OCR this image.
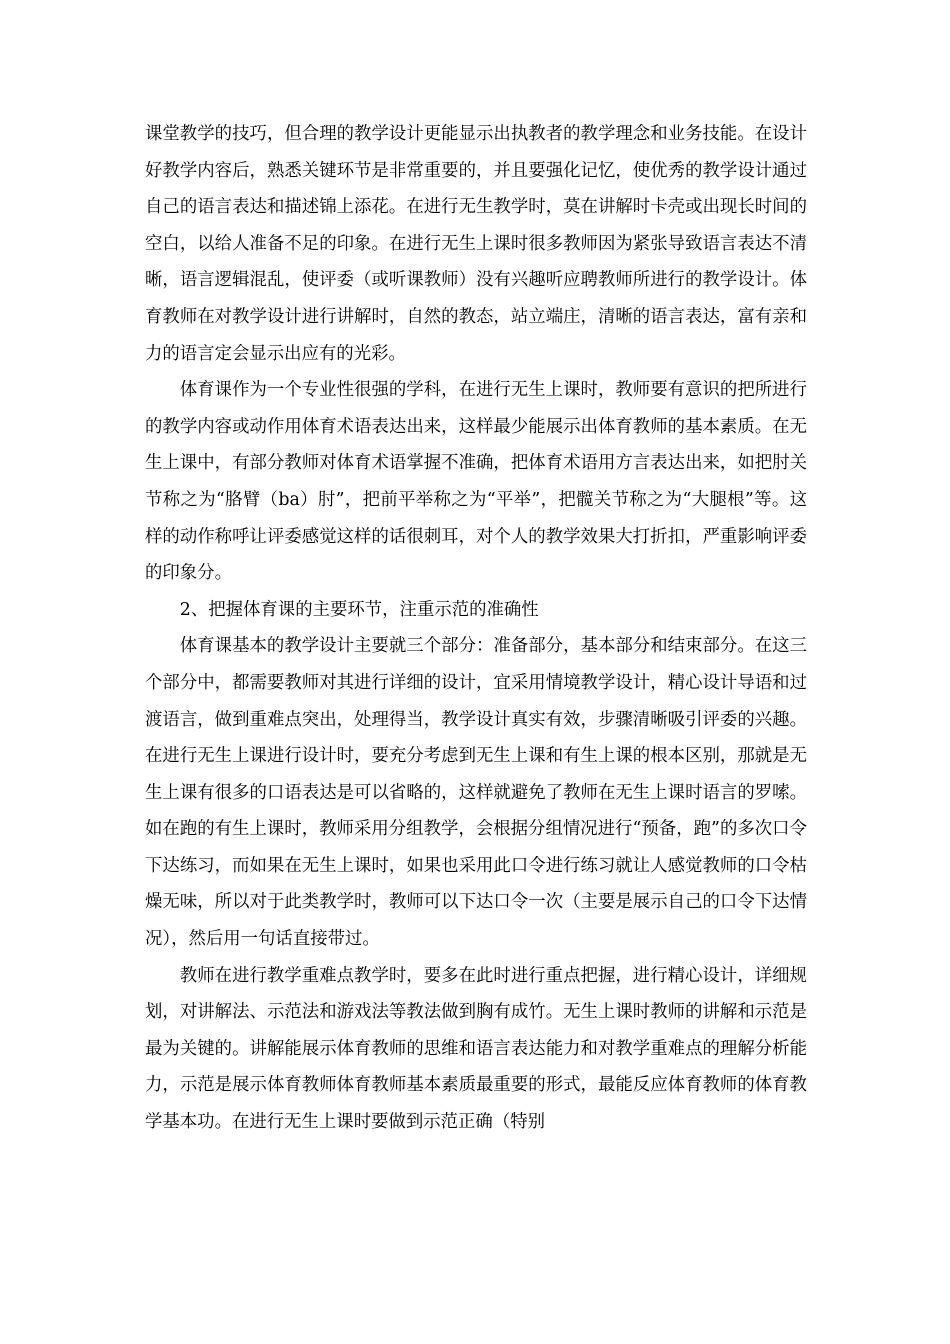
课堂教学的技巧，但合理的教学设计更能显示出执教者的教学理念和业务技能。在设计好教学内容后，熟悉关键环节是非常重要的，并且要强化记忆，使优秀的教学设计通过自己的语言表达和描述锦上添花。在进行无生教学时，莫在讲解时卡壳或出现长时间的空白，以给人准备不足的印象。在进行无生上课时很多教师因为紧张导致语言表达不清晰，语言逻辑混乱，使评委（或听课教师）没有兴趣听应聘教师所进行的教学设计。体育教师在对教学设计进行讲解时，自然的教态，站立端庄，清晰的语言表达，富有亲和力的语言定会显示出应有的光彩。

体育课作为一个专业性很强的学科，在进行无生上课时，教师要有意识的把所进行的教学内容或动作用体育术语表达出来，这样最少能展示出体育教师的基本素质。在无生上课中，有部分教师对体育术语掌握不准确，把体育术语用方言表达出来，如把肘关节称之为“胳臂（ba）肘”，把前平举称之为“平举”，把髋关节称之为“大腿根”等。这样的动作称呼让评委感觉这样的话很刺耳，对个人的教学效果大打折扣，严重影响评委的印象分。

2、把握体育课的主要环节，注重示范的准确性

体育课基本的教学设计主要就三个部分：准备部分，基本部分和结束部分。在这三个部分中，都需要教师对其进行详细的设计，宜采用情境教学设计，精心设计导语和过渡语言，做到重难点突出，处理得当，教学设计真实有效，步骤清晰吸引评委的兴趣。在进行无生上课进行设计时，要充分考虑到无生上课和有生上课的根本区别，那就是无生上课有很多的口语表达是可以省略的，这样就避免了教师在无生上课时语言的罗嗦。如在跑的有生上课时，教师采用分组教学，会根据分组情况进行“预备，跑”的多次口令下达练习，而如果在无生上课时，如果也采用此口令进行练习就让人感觉教师的口令枯燥无味，所以对于此类教学时，教师可以下达口令一次（主要是展示自己的口令下达情况），然后用一句话直接带过。

教师在进行教学重难点教学时，要多在此时进行重点把握，进行精心设计，详细规划，对讲解法、示范法和游戏法等教法做到胸有成竹。无生上课时教师的讲解和示范是最为关键的。讲解能展示体育教师的思维和语言表达能力和对教学重难点的理解分析能力，示范是展示体育教师体育教师基本素质最重要的形式，最能反应体育教师的体育教学基本功。在进行无生上课时要做到示范正确（特别
